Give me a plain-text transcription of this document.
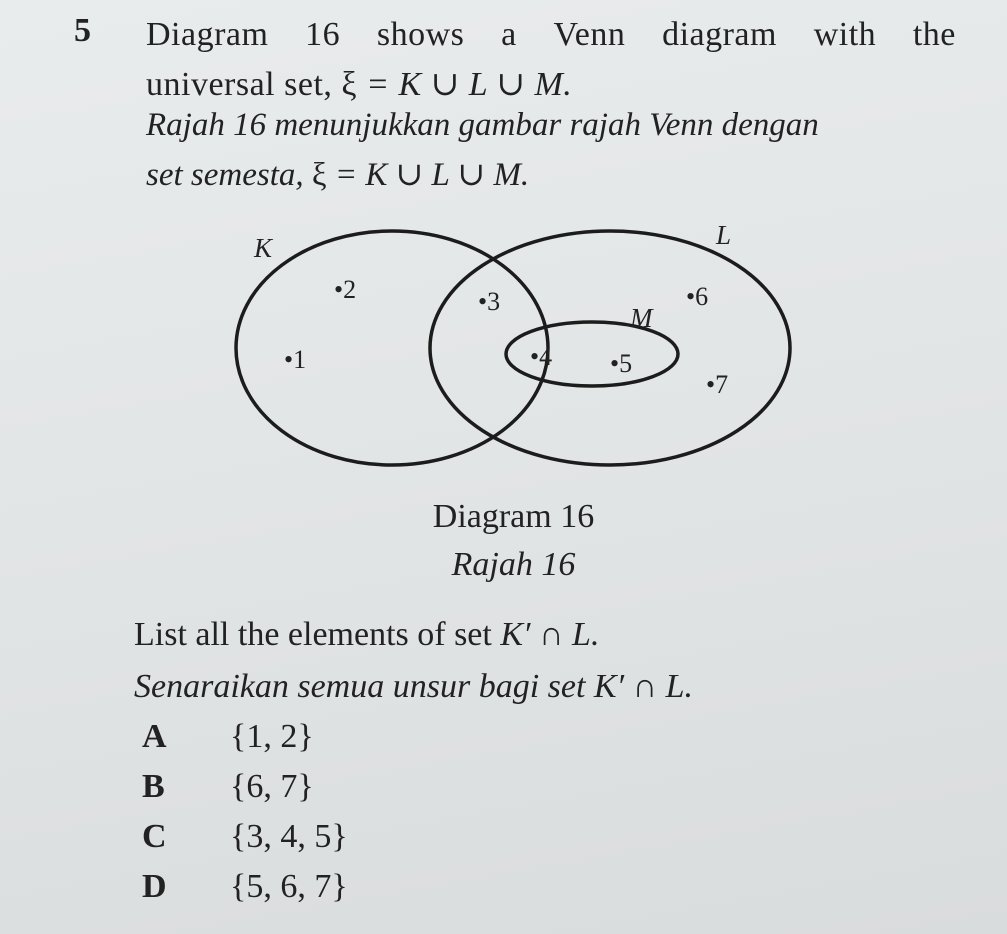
5 Diagram 16 shows a Venn diagram with the
universal set, ξ = K ∪ L ∪ M.
Rajah 16 menunjukkan gambar rajah Venn dengan
set semesta, ξ = K ∪ L ∪ M.
K	L
M
•2
•1
•3
•4 •5
•6
•7
Diagram 16
Rajah 16
List all the elements of set K′ ∩ L.
Senaraikan semua unsur bagi set K′ ∩ L.
A	{1, 2}
B	{6, 7}
C	{3, 4, 5}
D	{5, 6, 7}
